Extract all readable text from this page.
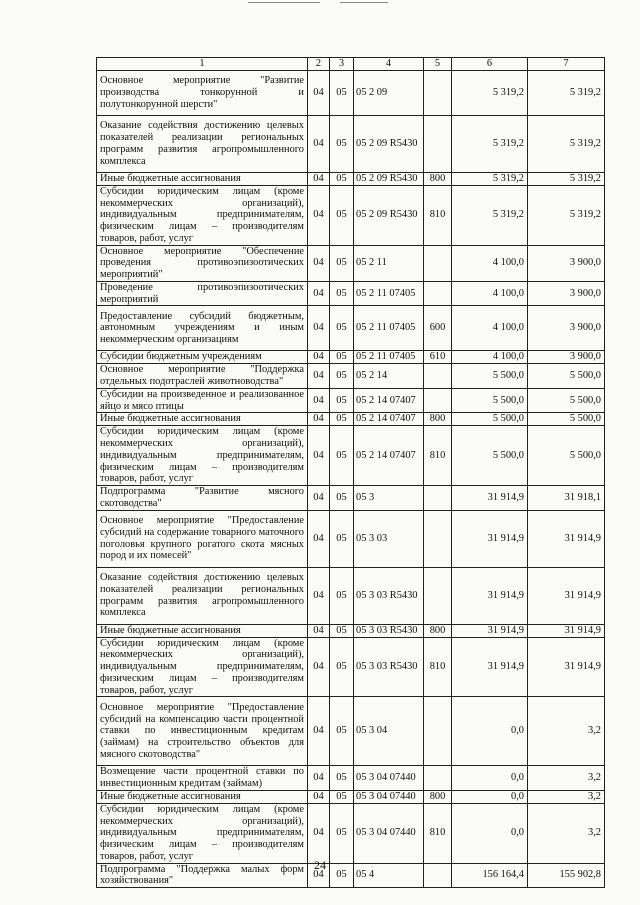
1	2	3	4	5	6	7
Основное мероприятие "Развитие производства тонкорунной и полутонкорунной шерсти"	04	05	05 2 09		5 319,2	5 319,2
Оказание содействия достижению целевых показателей реализации региональных программ развития агропромышленного комплекса	04	05	05 2 09 R5430		5 319,2	5 319,2
Иные бюджетные ассигнования	04	05	05 2 09 R5430	800	5 319,2	5 319,2
Субсидии юридическим лицам (кроме некоммерческих организаций), индивидуальным предпринимателям, физическим лицам – производителям товаров, работ, услуг	04	05	05 2 09 R5430	810	5 319,2	5 319,2
Основное мероприятие "Обеспечение проведения противоэпизоотических мероприятий"	04	05	05 2 11		4 100,0	3 900,0
Проведение противоэпизоотических мероприятий	04	05	05 2 11 07405		4 100,0	3 900,0
Предоставление субсидий бюджетным, автономным учреждениям и иным некоммерческим организациям	04	05	05 2 11 07405	600	4 100,0	3 900,0
Субсидии бюджетным учреждениям	04	05	05 2 11 07405	610	4 100,0	3 900,0
Основное мероприятие "Поддержка отдельных подотраслей животноводства"	04	05	05 2 14		5 500,0	5 500,0
Субсидии на произведенное и реализованное яйцо и мясо птицы	04	05	05 2 14 07407		5 500,0	5 500,0
Иные бюджетные ассигнования	04	05	05 2 14 07407	800	5 500,0	5 500,0
Субсидии юридическим лицам (кроме некоммерческих организаций), индивидуальным предпринимателям, физическим лицам – производителям товаров, работ, услуг	04	05	05 2 14 07407	810	5 500,0	5 500,0
Подпрограмма "Развитие мясного скотоводства"	04	05	05 3		31 914,9	31 918,1
Основное мероприятие "Предоставление субсидий на содержание товарного маточного поголовья крупного рогатого скота мясных пород и их помесей"	04	05	05 3 03		31 914,9	31 914,9
Оказание содействия достижению целевых показателей реализации региональных программ развития агропромышленного комплекса	04	05	05 3 03 R5430		31 914,9	31 914,9
Иные бюджетные ассигнования	04	05	05 3 03 R5430	800	31 914,9	31 914,9
Субсидии юридическим лицам (кроме некоммерческих организаций), индивидуальным предпринимателям, физическим лицам – производителям товаров, работ, услуг	04	05	05 3 03 R5430	810	31 914,9	31 914,9
Основное мероприятие "Предоставление субсидий на компенсацию части процентной ставки по инвестиционным кредитам (займам) на строительство объектов для мясного скотоводства"	04	05	05 3 04		0,0	3,2
Возмещение части процентной ставки по инвестиционным кредитам (займам)	04	05	05 3 04 07440		0,0	3,2
Иные бюджетные ассигнования	04	05	05 3 04 07440	800	0,0	3,2
Субсидии юридическим лицам (кроме некоммерческих организаций), индивидуальным предпринимателям, физическим лицам – производителям товаров, работ, услуг	04	05	05 3 04 07440	810	0,0	3,2
Подпрограмма "Поддержка малых форм хозяйствования"	04	05	05 4		156 164,4	155 902,8
24
